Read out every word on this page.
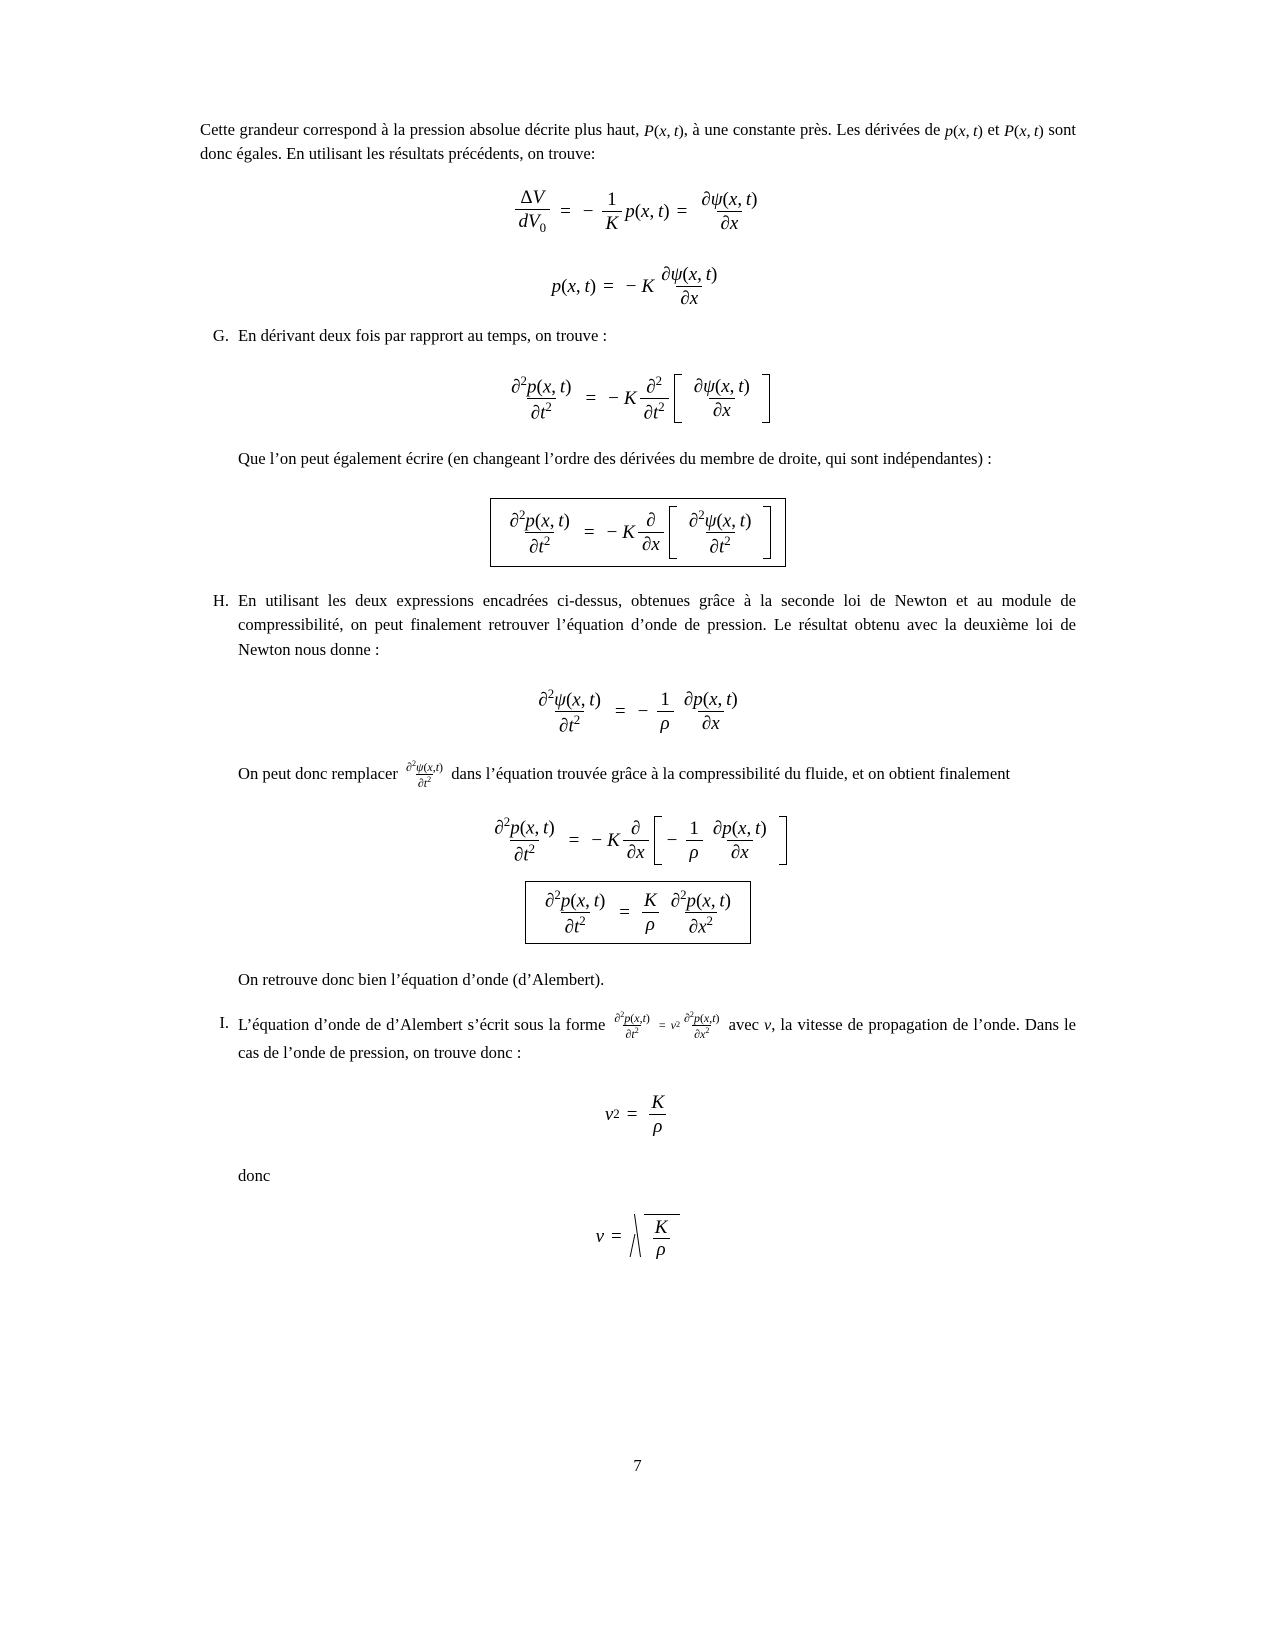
Cette grandeur correspond à la pression absolue décrite plus haut, P ( x ,  t ) , à une constante près. Les dérivées de p ( x ,  t ) et P ( x ,  t ) sont donc égales. En utilisant les résultats précédents, on trouve:

$\frac{\Delta V}{dV_0}$ = − $\frac{1}{K}$ p ( x ,  t ) = $\frac{\partial\psi(x, t)}{\partial x}$
p ( x ,  t ) = − K $\frac{\partial\psi(x, t)}{\partial x}$
G. En dérivant deux fois par rapprort au temps, on trouve :
$\frac{\partial^2p(x, t)}{\partial t^2}$ = − K $\frac{\partial^2}{\partial t^2} \frac{\partial\psi(x, t)}{\partial x}$

Que l’on peut également écrire (en changeant l’ordre des dérivées du membre de droite, qui sont indépendantes) :

$\frac{\partial^2p(x, t)}{\partial t^2}$ = − K $\frac{\partial}{\partial x} \frac{\partial^2\psi(x, t)}{\partial t^2}$
H. En utilisant les deux expressions encadrées ci-dessus, obtenues grâce à la seconde loi de Newton et au module de compressibilité, on peut finalement retrouver l’équation d’onde de pression. Le résultat obtenu avec la deuxième loi de Newton nous donne :
$\frac{\partial^2\psi(x, t)}{\partial t^2}$ = − $\frac{1}{\rho} \frac{\partial p(x, t)}{\partial x}$

On peut donc remplacer $\frac{\partial^2\psi(x,t)}{\partial t^2}$ dans l’équation trouvée grâce à la compressibilité du fluide, et on obtient finalement

$\frac{\partial^2p(x, t)}{\partial t^2}$ = − K $\frac{\partial}{\partial x} - \frac{1}{\rho} \frac{\partial p(x, t)}{\partial x}$
$\frac{\partial^2p(x, t)}{\partial t^2} = \frac{K}{\rho} \frac{\partial^2p(x, t)}{\partial x^2}$

On retrouve donc bien l’équation d’onde (d’Alembert).

I. L’équation d’onde de d’Alembert s’écrit sous la forme $\frac{\partial^2p(x,t)}{\partial t^2} = v$ $2 \frac{\partial^2p(x,t)}{\partial x^2}$ avec v , la vitesse de propagation de l’onde. Dans le cas de l’onde de pression, on trouve donc :
v $2 = \frac{K}{\rho}$

donc

$v = \frac{K}{\rho}$
7
